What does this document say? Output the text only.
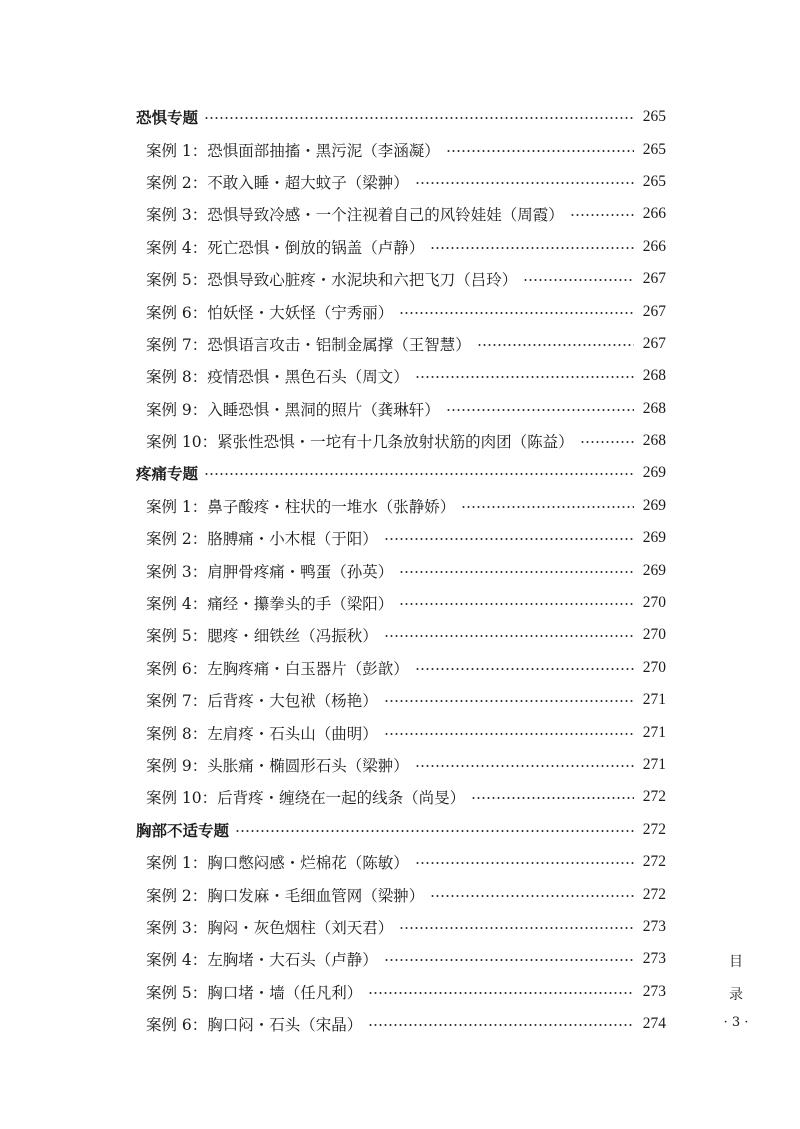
恐惧专题	265
案例 1：恐惧面部抽搐・黑污泥（李涵凝）	265
案例 2：不敢入睡・超大蚊子（梁翀）	265
案例 3：恐惧导致冷感・一个注视着自己的风铃娃娃（周霞）	266
案例 4：死亡恐惧・倒放的锅盖（卢静）	266
案例 5：恐惧导致心脏疼・水泥块和六把飞刀（吕玲）	267
案例 6：怕妖怪・大妖怪（宁秀丽）	267
案例 7：恐惧语言攻击・铝制金属撑（王智慧）	267
案例 8：疫情恐惧・黑色石头（周文）	268
案例 9：入睡恐惧・黑洞的照片（龚琳轩）	268
案例 10：紧张性恐惧・一坨有十几条放射状筋的肉团（陈益）	268
疼痛专题	269
案例 1：鼻子酸疼・柱状的一堆水（张静娇）	269
案例 2：胳膊痛・小木棍（于阳）	269
案例 3：肩胛骨疼痛・鸭蛋（孙英）	269
案例 4：痛经・攥拳头的手（梁阳）	270
案例 5：腮疼・细铁丝（冯振秋）	270
案例 6：左胸疼痛・白玉器片（彭歆）	270
案例 7：后背疼・大包袱（杨艳）	271
案例 8：左肩疼・石头山（曲明）	271
案例 9：头胀痛・椭圆形石头（梁翀）	271
案例 10：后背疼・缠绕在一起的线条（尚旻）	272
胸部不适专题	272
案例 1：胸口憋闷感・烂棉花（陈敏）	272
案例 2：胸口发麻・毛细血管网（梁翀）	272
案例 3：胸闷・灰色烟柱（刘天君）	273
案例 4：左胸堵・大石头（卢静）	273
案例 5：胸口堵・墙（任凡利）	273
案例 6：胸口闷・石头（宋晶）	274
目
录
· 3 ·
